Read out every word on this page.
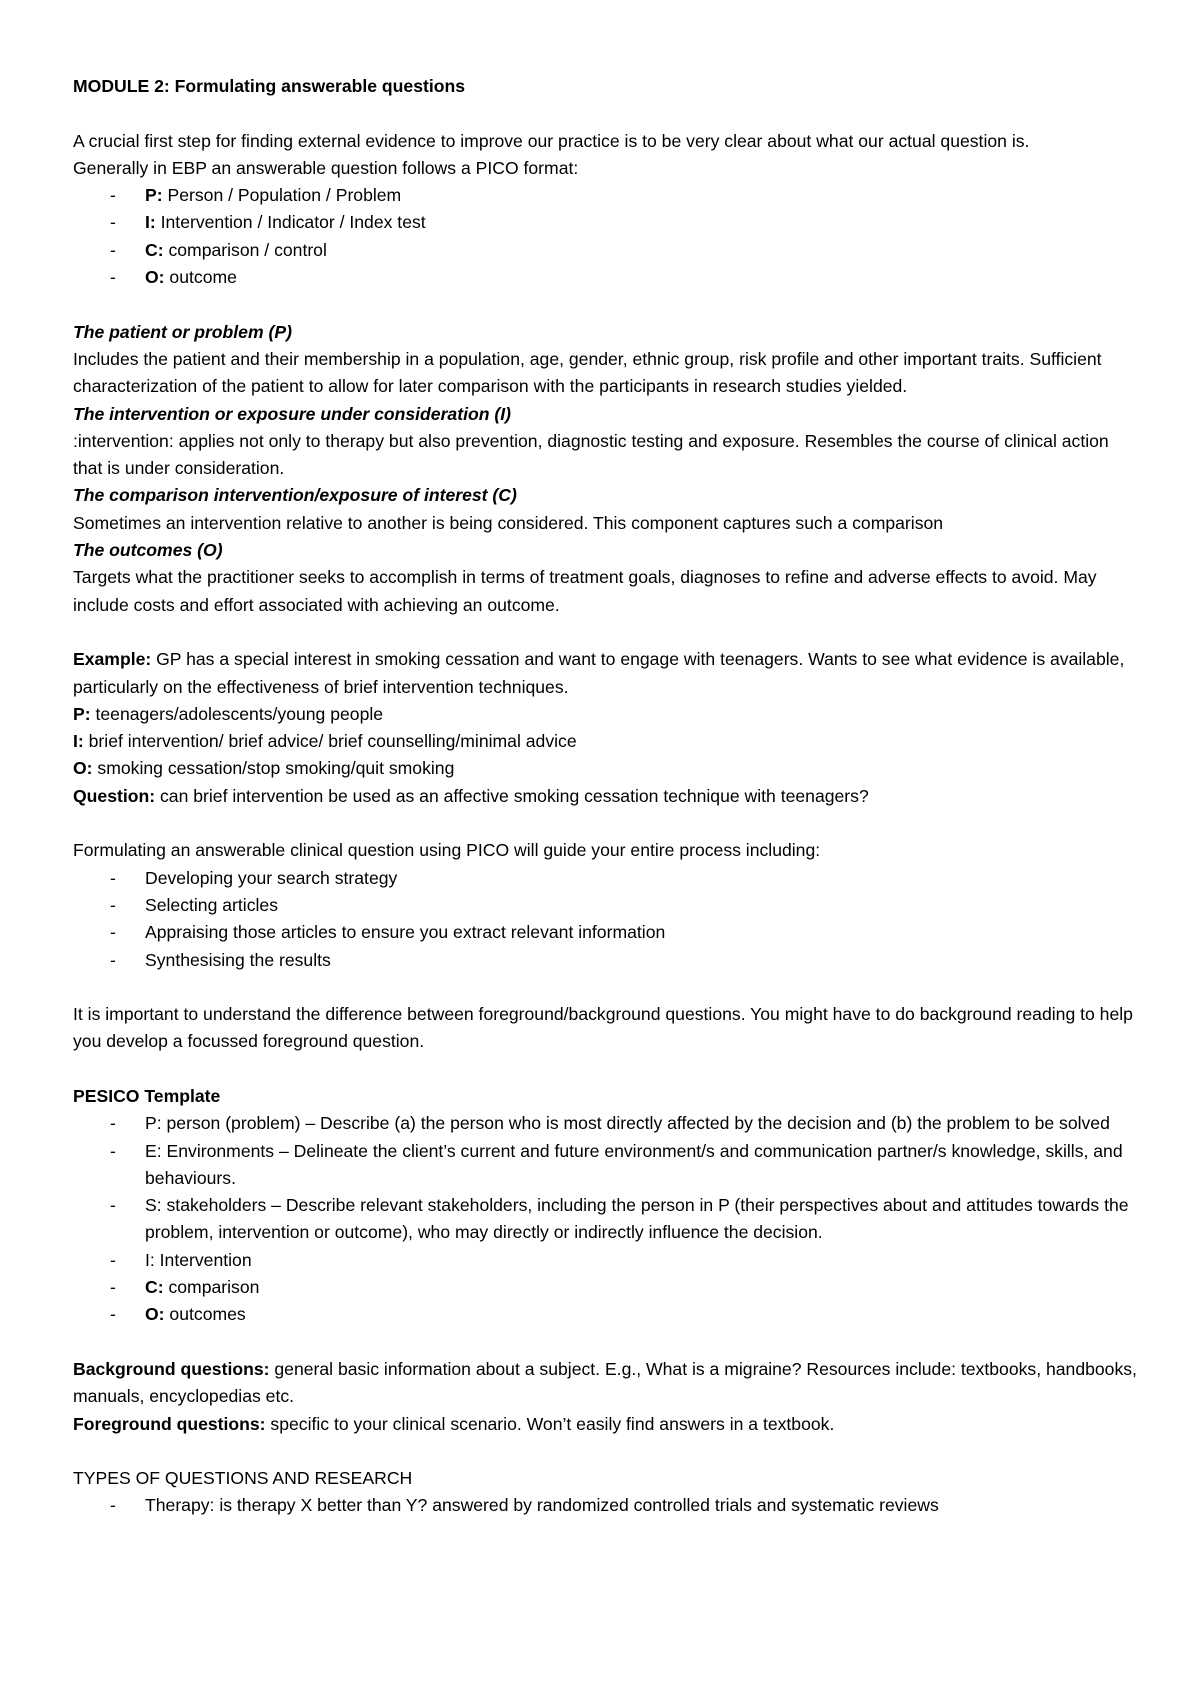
MODULE 2: Formulating answerable questions

A crucial first step for finding external evidence to improve our practice is to be very clear about what our actual question is.

Generally in EBP an answerable question follows a PICO format:

- P: Person / Population / Problem
- I: Intervention / Indicator / Index test
- C: comparison / control
- O: outcome

The patient or problem (P)

Includes the patient and their membership in a population, age, gender, ethnic group, risk profile and other important traits. Sufficient characterization of the patient to allow for later comparison with the participants in research studies yielded.

The intervention or exposure under consideration (I)

:intervention: applies not only to therapy but also prevention, diagnostic testing and exposure. Resembles the course of clinical action that is under consideration.

The comparison intervention/exposure of interest (C)

Sometimes an intervention relative to another is being considered. This component captures such a comparison

The outcomes (O)

Targets what the practitioner seeks to accomplish in terms of treatment goals, diagnoses to refine and adverse effects to avoid. May include costs and effort associated with achieving an outcome.

Example: GP has a special interest in smoking cessation and want to engage with teenagers. Wants to see what evidence is available, particularly on the effectiveness of brief intervention techniques.

P: teenagers/adolescents/young people

I: brief intervention/ brief advice/ brief counselling/minimal advice

O: smoking cessation/stop smoking/quit smoking

Question: can brief intervention be used as an affective smoking cessation technique with teenagers?

Formulating an answerable clinical question using PICO will guide your entire process including:

- Developing your search strategy
- Selecting articles
- Appraising those articles to ensure you extract relevant information
- Synthesising the results

It is important to understand the difference between foreground/background questions. You might have to do background reading to help you develop a focussed foreground question.

PESICO Template

- P: person (problem) – Describe (a) the person who is most directly affected by the decision and (b) the problem to be solved
- E: Environments – Delineate the client’s current and future environment/s and communication partner/s knowledge, skills, and behaviours.
- S: stakeholders – Describe relevant stakeholders, including the person in P (their perspectives about and attitudes towards the problem, intervention or outcome), who may directly or indirectly influence the decision.
- I: Intervention
- C: comparison
- O: outcomes

Background questions: general basic information about a subject. E.g., What is a migraine? Resources include: textbooks, handbooks, manuals, encyclopedias etc.

Foreground questions: specific to your clinical scenario. Won’t easily find answers in a textbook.

TYPES OF QUESTIONS AND RESEARCH

- Therapy: is therapy X better than Y? answered by randomized controlled trials and systematic reviews
